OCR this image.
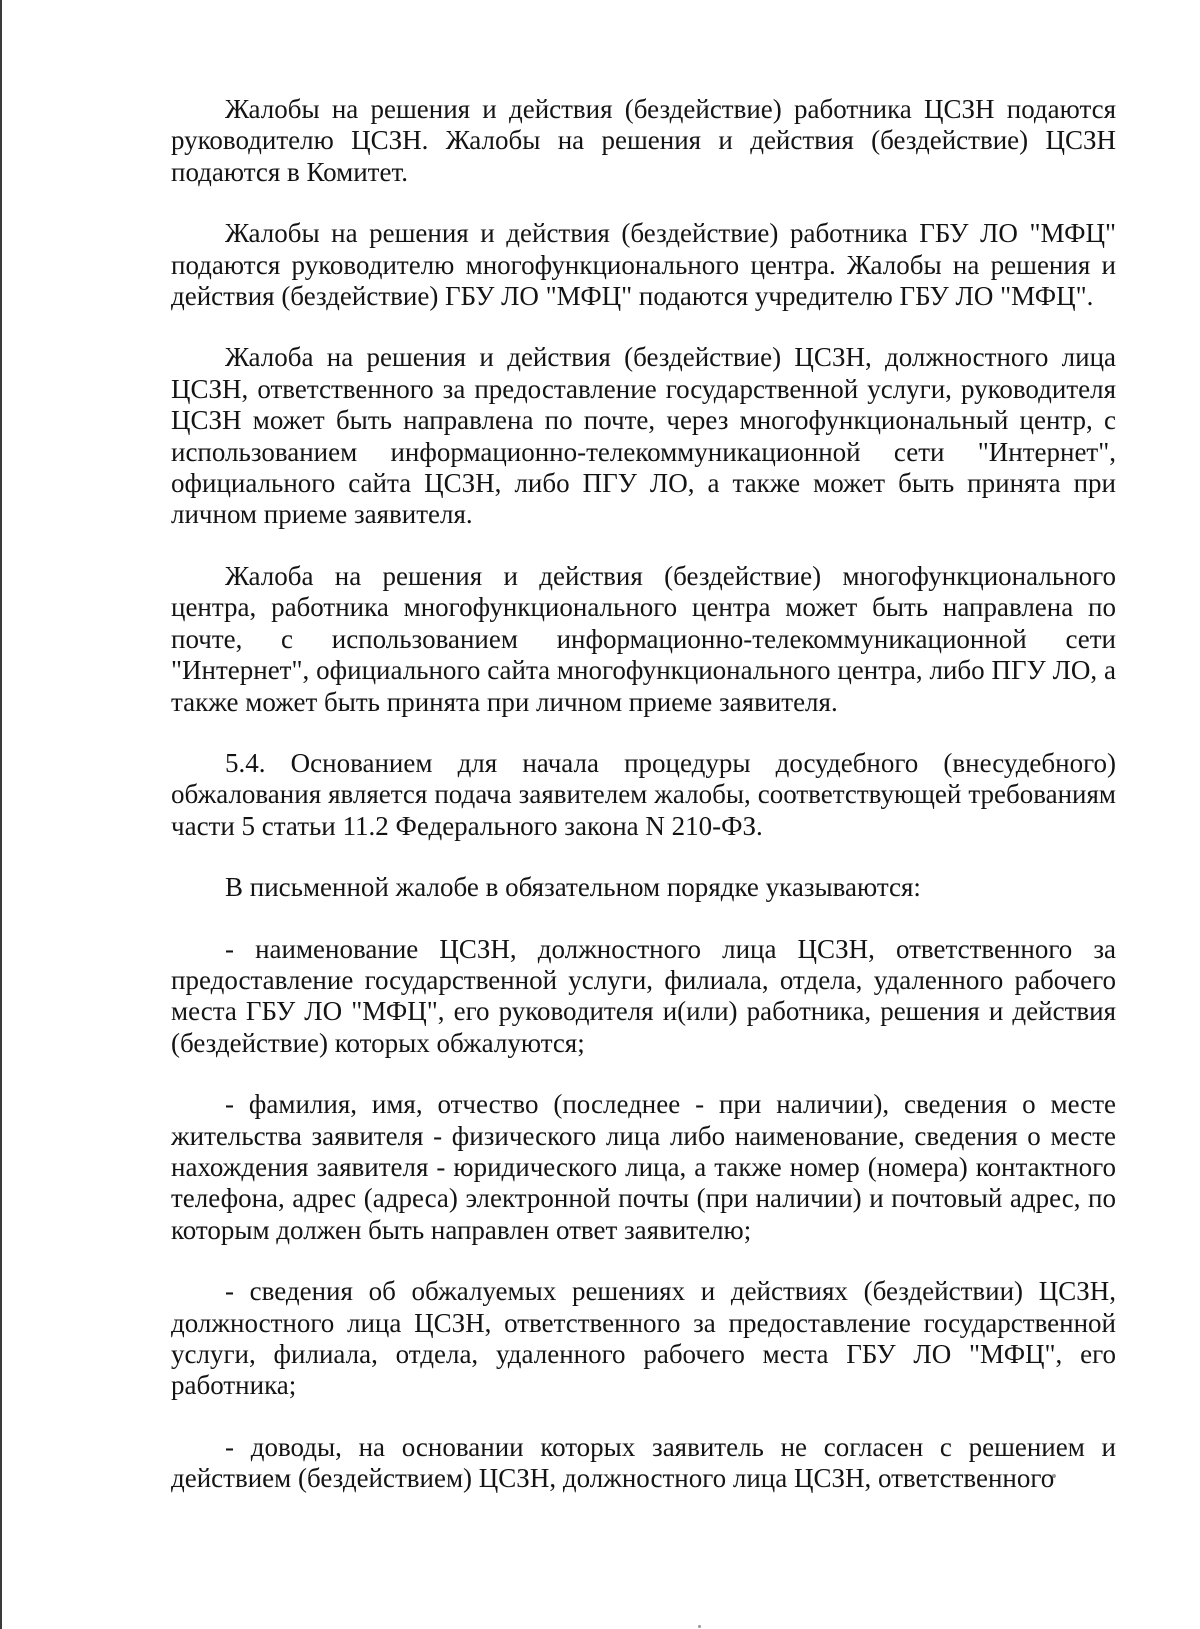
Жалобы на решения и действия (бездействие) работника ЦСЗН подаются руководителю ЦСЗН. Жалобы на решения и действия (бездействие) ЦСЗН подаются в Комитет.

Жалобы на решения и действия (бездействие) работника ГБУ ЛО "МФЦ" подаются руководителю многофункционального центра. Жалобы на решения и действия (бездействие) ГБУ ЛО "МФЦ" подаются учредителю ГБУ ЛО "МФЦ".

Жалоба на решения и действия (бездействие) ЦСЗН, должностного лица ЦСЗН, ответственного за предоставление государственной услуги, руководителя ЦСЗН может быть направлена по почте, через многофункциональный центр, с использованием информационно-телекоммуникационной сети "Интернет", официального сайта ЦСЗН, либо ПГУ ЛО, а также может быть принята при личном приеме заявителя.

Жалоба на решения и действия (бездействие) многофункционального центра, работника многофункционального центра может быть направлена по почте, с использованием информационно-телекоммуникационной сети "Интернет", официального сайта многофункционального центра, либо ПГУ ЛО, а также может быть принята при личном приеме заявителя.

5.4. Основанием для начала процедуры досудебного (внесудебного) обжалования является подача заявителем жалобы, соответствующей требованиям части 5 статьи 11.2 Федерального закона N 210-ФЗ.

В письменной жалобе в обязательном порядке указываются:

- наименование ЦСЗН, должностного лица ЦСЗН, ответственного за предоставление государственной услуги, филиала, отдела, удаленного рабочего места ГБУ ЛО "МФЦ", его руководителя и(или) работника, решения и действия (бездействие) которых обжалуются;

- фамилия, имя, отчество (последнее - при наличии), сведения о месте жительства заявителя - физического лица либо наименование, сведения о месте нахождения заявителя - юридического лица, а также номер (номера) контактного телефона, адрес (адреса) электронной почты (при наличии) и почтовый адрес, по которым должен быть направлен ответ заявителю;

- сведения об обжалуемых решениях и действиях (бездействии) ЦСЗН, должностного лица ЦСЗН, ответственного за предоставление государственной услуги, филиала, отдела, удаленного рабочего места ГБУ ЛО "МФЦ", его работника;

- доводы, на основании которых заявитель не согласен с решением и действием (бездействием) ЦСЗН, должностного лица ЦСЗН, ответственного
